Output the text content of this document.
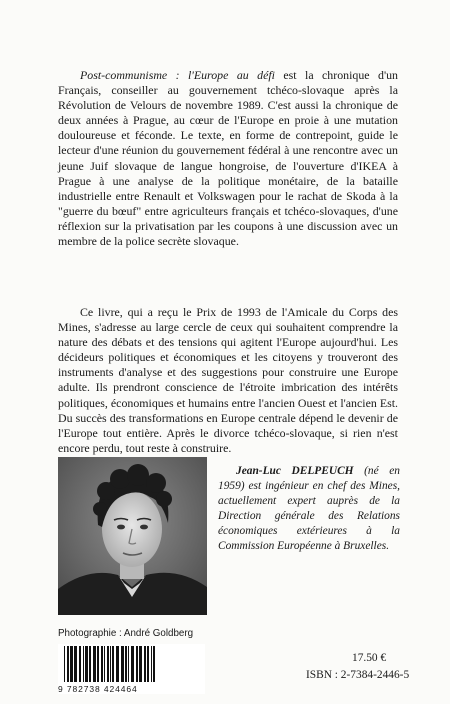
Post-communisme : l'Europe au défi est la chronique d'un Français, conseiller au gouvernement tchéco-slovaque après la Révolution de Velours de novembre 1989. C'est aussi la chronique de deux années à Prague, au cœur de l'Europe en proie à une mutation douloureuse et féconde. Le texte, en forme de contrepoint, guide le lecteur d'une réunion du gouvernement fédéral à une rencontre avec un jeune Juif slovaque de langue hongroise, de l'ouverture d'IKEA à Prague à une analyse de la politique monétaire, de la bataille industrielle entre Renault et Volkswagen pour le rachat de Skoda à la "guerre du bœuf" entre agriculteurs français et tchéco-slovaques, d'une réflexion sur la privatisation par les coupons à une discussion avec un membre de la police secrète slovaque.

Ce livre, qui a reçu le Prix de 1993 de l'Amicale du Corps des Mines, s'adresse au large cercle de ceux qui souhaitent comprendre la nature des débats et des tensions qui agitent l'Europe aujourd'hui. Les décideurs politiques et économiques et les citoyens y trouveront des instruments d'analyse et des suggestions pour construire une Europe adulte. Ils prendront conscience de l'étroite imbrication des intérêts politiques, économiques et humains entre l'ancien Ouest et l'ancien Est. Du succès des transformations en Europe centrale dépend le devenir de l'Europe tout entière. Après le divorce tchéco-slovaque, si rien n'est encore perdu, tout reste à construire.

Jean-Luc DELPEUCH (né en 1959) est ingénieur en chef des Mines, actuellement expert auprès de la Direction générale des Relations économiques extérieures à la Commission Européenne à Bruxelles.

Photographie : André Goldberg

9 782738 424464

17.50 €

ISBN : 2-7384-2446-5
